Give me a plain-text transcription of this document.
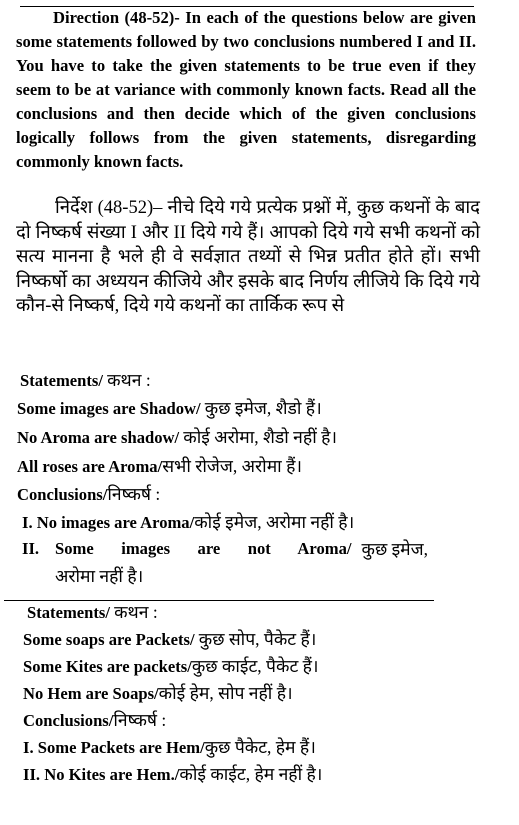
Direction (48-52)- In each of the questions below are given some statements followed by two conclusions numbered I and II. You have to take the given statements to be true even if they seem to be at variance with commonly known facts. Read all the conclusions and then decide which of the given conclusions logically follows from the given statements, disregarding commonly known facts.

निर्देश (48-52)– नीचे दिये गये प्रत्येक प्रश्नों में, कुछ कथनों के बाद दो निष्कर्ष संख्या I और II दिये गये हैं। आपको दिये गये सभी कथनों को सत्य मानना है भले ही वे सर्वज्ञात तथ्यों से भिन्न प्रतीत होते हों। सभी निष्कर्षो का अध्ययन कीजिये और इसके बाद निर्णय लीजिये कि दिये गये कौन-से निष्कर्ष, दिये गये कथनों का तार्किक रूप से

Statements/ कथन :
Some images are Shadow/ कुछ इमेज, शैडो हैं।
No Aroma are shadow/ कोई अरोमा, शैडो नहीं है।
All roses are Aroma/सभी रोजेज, अरोमा हैं।
Conclusions/निष्कर्ष :
I. No images are Aroma/कोई इमेज, अरोमा नहीं है।
II. Some images are not Aroma/ कुछ इमेज,
अरोमा नहीं है।
Statements/ कथन :
Some soaps are Packets/ कुछ सोप, पैकेट हैं।
Some Kites are packets/कुछ काईट, पैकेट हैं।
No Hem are Soaps/कोई हेम, सोप नहीं है।
Conclusions/निष्कर्ष :
I. Some Packets are Hem/कुछ पैकेट, हेम हैं।
II. No Kites are Hem./कोई काईट, हेम नहीं है।
